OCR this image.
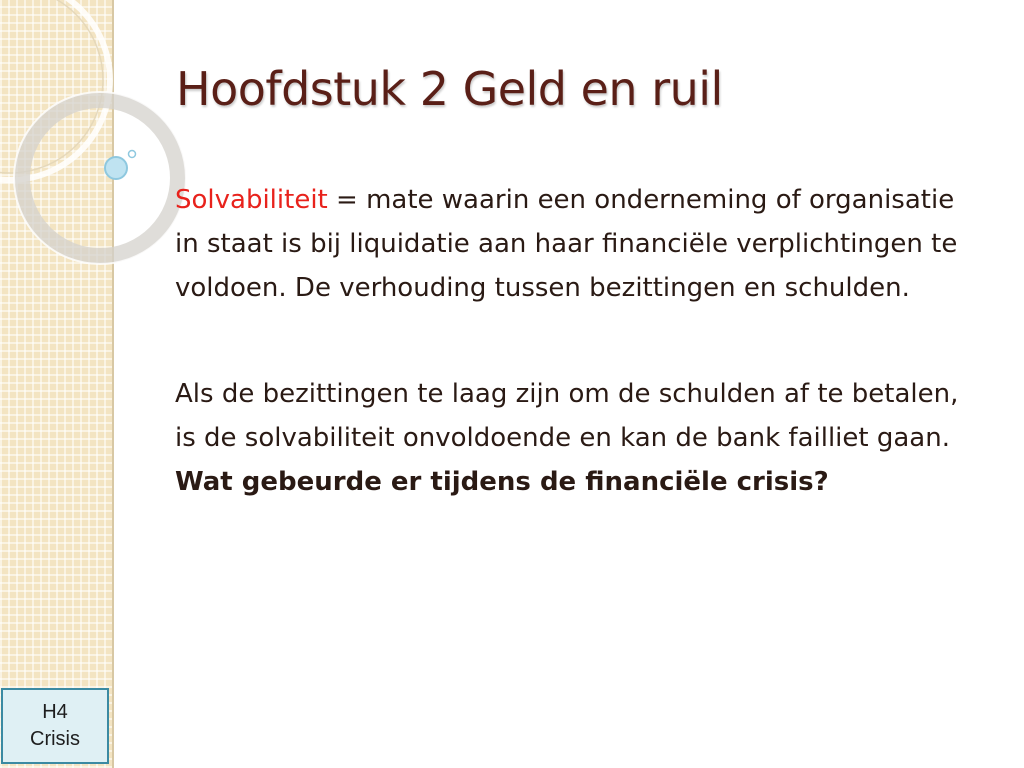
Hoofdstuk 2 Geld en ruil

Solvabiliteit = mate waarin een onderneming of organisatie in staat is bij liquidatie aan haar financiële verplichtingen te voldoen. De verhouding tussen bezittingen en schulden.

Als de bezittingen te laag zijn om de schulden af te betalen, is de solvabiliteit onvoldoende en kan de bank failliet gaan. Wat gebeurde er tijdens de financiële crisis?

H4
Crisis
